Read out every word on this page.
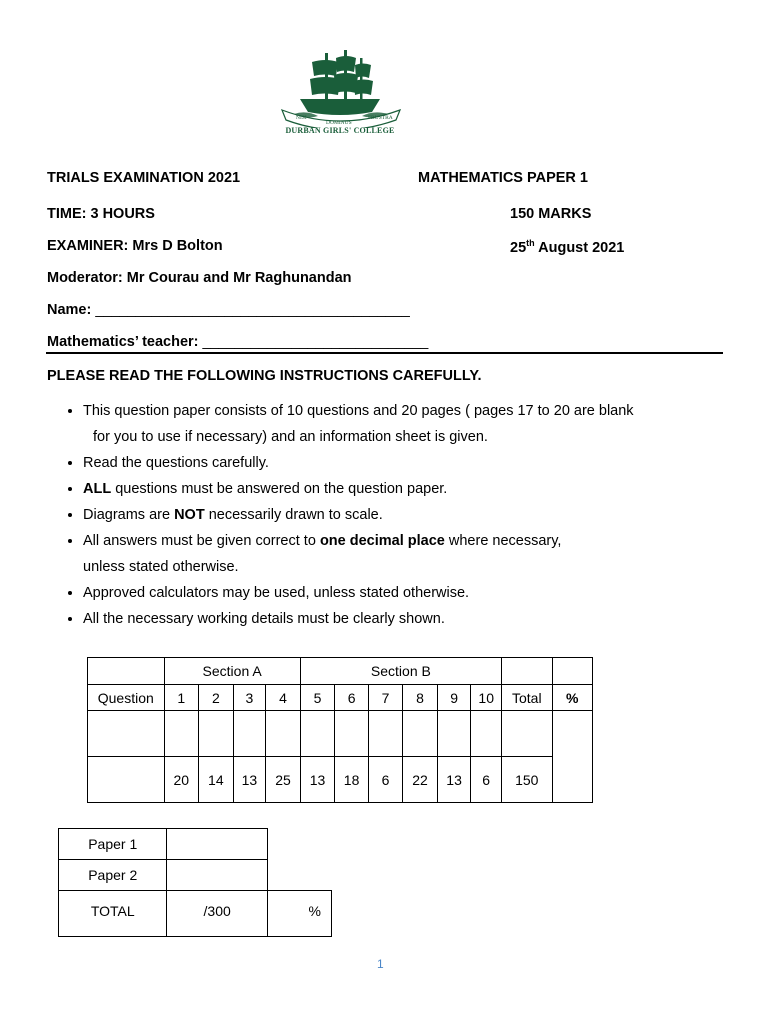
NISI
DOMINUS
FRUSTRA
DURBAN GIRLS' COLLEGE
TRIALS EXAMINATION 2021	MATHEMATICS PAPER 1
TIME: 3 HOURS	150 MARKS
EXAMINER: Mrs D Bolton	25th August 2021
Moderator: Mr Courau and Mr Raghunandan
Name: _______________________________________
Mathematics’ teacher: ____________________________
PLEASE READ THE FOLLOWING INSTRUCTIONS CAREFULLY.
• This question paper consists of 10 questions and 20 pages ( pages 17 to 20 are blank
for you to use if necessary) and an information sheet is given.
• Read the questions carefully.
• ALL questions must be answered on the question paper.
• Diagrams are NOT necessarily drawn to scale.
• All answers must be given correct to one decimal place where necessary,
unless stated otherwise.
• Approved calculators may be used, unless stated otherwise.
• All the necessary working details must be clearly shown.
	Section A				Section B							
Question	1	2	3	4	5	6	7	8	9	10	Total	%

	20	14	13	25	13	18	6	22	13	6	150	
Paper 1		
Paper 2		
TOTAL	/300	%
1
